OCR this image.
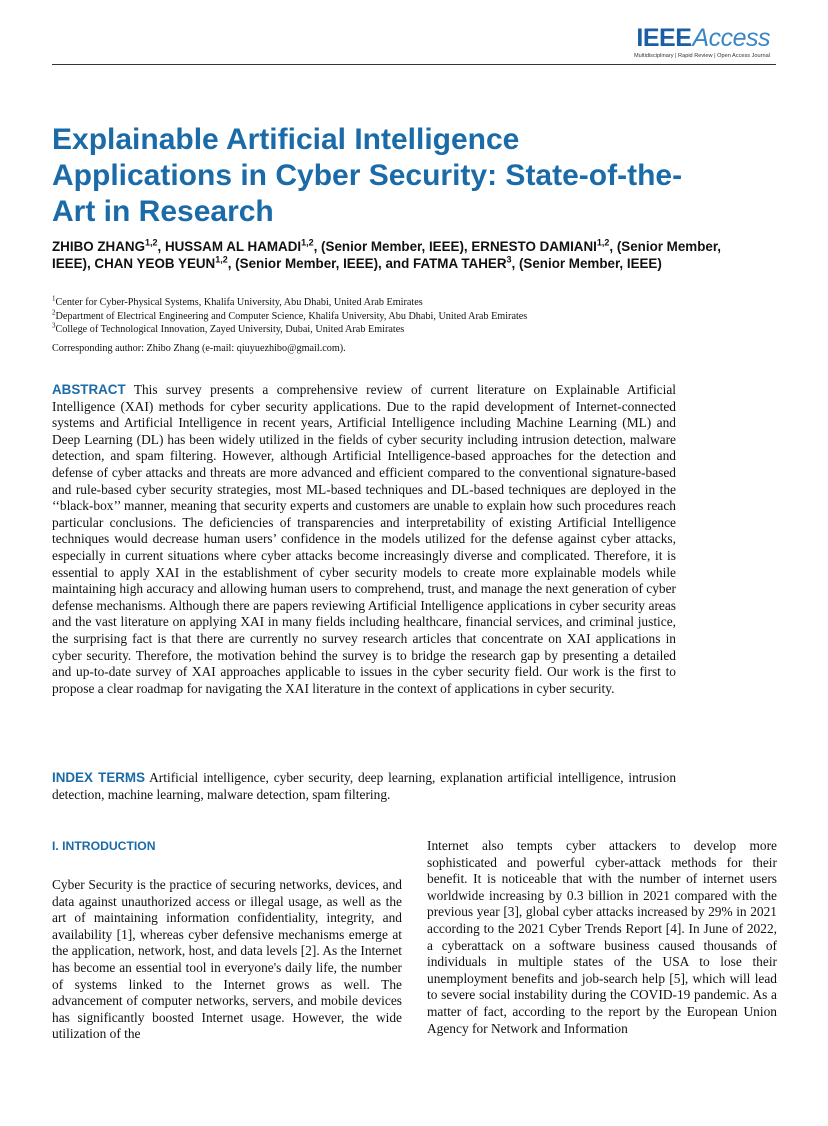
IEEEAccess
Multidisciplinary | Rapid Review | Open Access Journal
Explainable Artificial Intelligence Applications in Cyber Security: State-of-the-Art in Research
ZHIBO ZHANG$^{1,2}$, HUSSAM AL HAMADI$^{1,2}$, (Senior Member, IEEE), ERNESTO DAMIANI$^{1,2}$, (Senior Member, IEEE), CHAN YEOB YEUN$^{1,2}$, (Senior Member, IEEE), and FATMA TAHER$^3$, (Senior Member, IEEE)
$^1$Center for Cyber-Physical Systems, Khalifa University, Abu Dhabi, United Arab Emirates
$^2$Department of Electrical Engineering and Computer Science, Khalifa University, Abu Dhabi, United Arab Emirates
$^3$College of Technological Innovation, Zayed University, Dubai, United Arab Emirates
Corresponding author: Zhibo Zhang (e-mail: qiuyuezhibo@gmail.com).
ABSTRACT This survey presents a comprehensive review of current literature on Explainable Artificial Intelligence (XAI) methods for cyber security applications. Due to the rapid development of Internet-connected systems and Artificial Intelligence in recent years, Artificial Intelligence including Machine Learning (ML) and Deep Learning (DL) has been widely utilized in the fields of cyber security including intrusion detection, malware detection, and spam filtering. However, although Artificial Intelligence-based approaches for the detection and defense of cyber attacks and threats are more advanced and efficient compared to the conventional signature-based and rule-based cyber security strategies, most ML-based techniques and DL-based techniques are deployed in the ‘‘black-box’’ manner, meaning that security experts and customers are unable to explain how such procedures reach particular conclusions. The deficiencies of transparencies and interpretability of existing Artificial Intelligence techniques would decrease human users’ confidence in the models utilized for the defense against cyber attacks, especially in current situations where cyber attacks become increasingly diverse and complicated. Therefore, it is essential to apply XAI in the establishment of cyber security models to create more explainable models while maintaining high accuracy and allowing human users to comprehend, trust, and manage the next generation of cyber defense mechanisms. Although there are papers reviewing Artificial Intelligence applications in cyber security areas and the vast literature on applying XAI in many fields including healthcare, financial services, and criminal justice, the surprising fact is that there are currently no survey research articles that concentrate on XAI applications in cyber security. Therefore, the motivation behind the survey is to bridge the research gap by presenting a detailed and up-to-date survey of XAI approaches applicable to issues in the cyber security field. Our work is the first to propose a clear roadmap for navigating the XAI literature in the context of applications in cyber security.
INDEX TERMS Artificial intelligence, cyber security, deep learning, explanation artificial intelligence, intrusion detection, machine learning, malware detection, spam filtering.
I. INTRODUCTION

Cyber Security is the practice of securing networks, devices, and data against unauthorized access or illegal usage, as well as the art of maintaining information confidentiality, integrity, and availability [1], whereas cyber defensive mechanisms emerge at the application, network, host, and data levels [2]. As the Internet has become an essential tool in everyone's daily life, the number of systems linked to the Internet grows as well. The advancement of computer networks, servers, and mobile devices has significantly boosted Internet usage. However, the wide utilization of the

Internet also tempts cyber attackers to develop more sophisticated and powerful cyber-attack methods for their benefit. It is noticeable that with the number of internet users worldwide increasing by 0.3 billion in 2021 compared with the previous year [3], global cyber attacks increased by 29% in 2021 according to the 2021 Cyber Trends Report [4]. In June of 2022, a cyberattack on a software business caused thousands of individuals in multiple states of the USA to lose their unemployment benefits and job-search help [5], which will lead to severe social instability during the COVID-19 pandemic. As a matter of fact, according to the report by the European Union Agency for Network and Information
